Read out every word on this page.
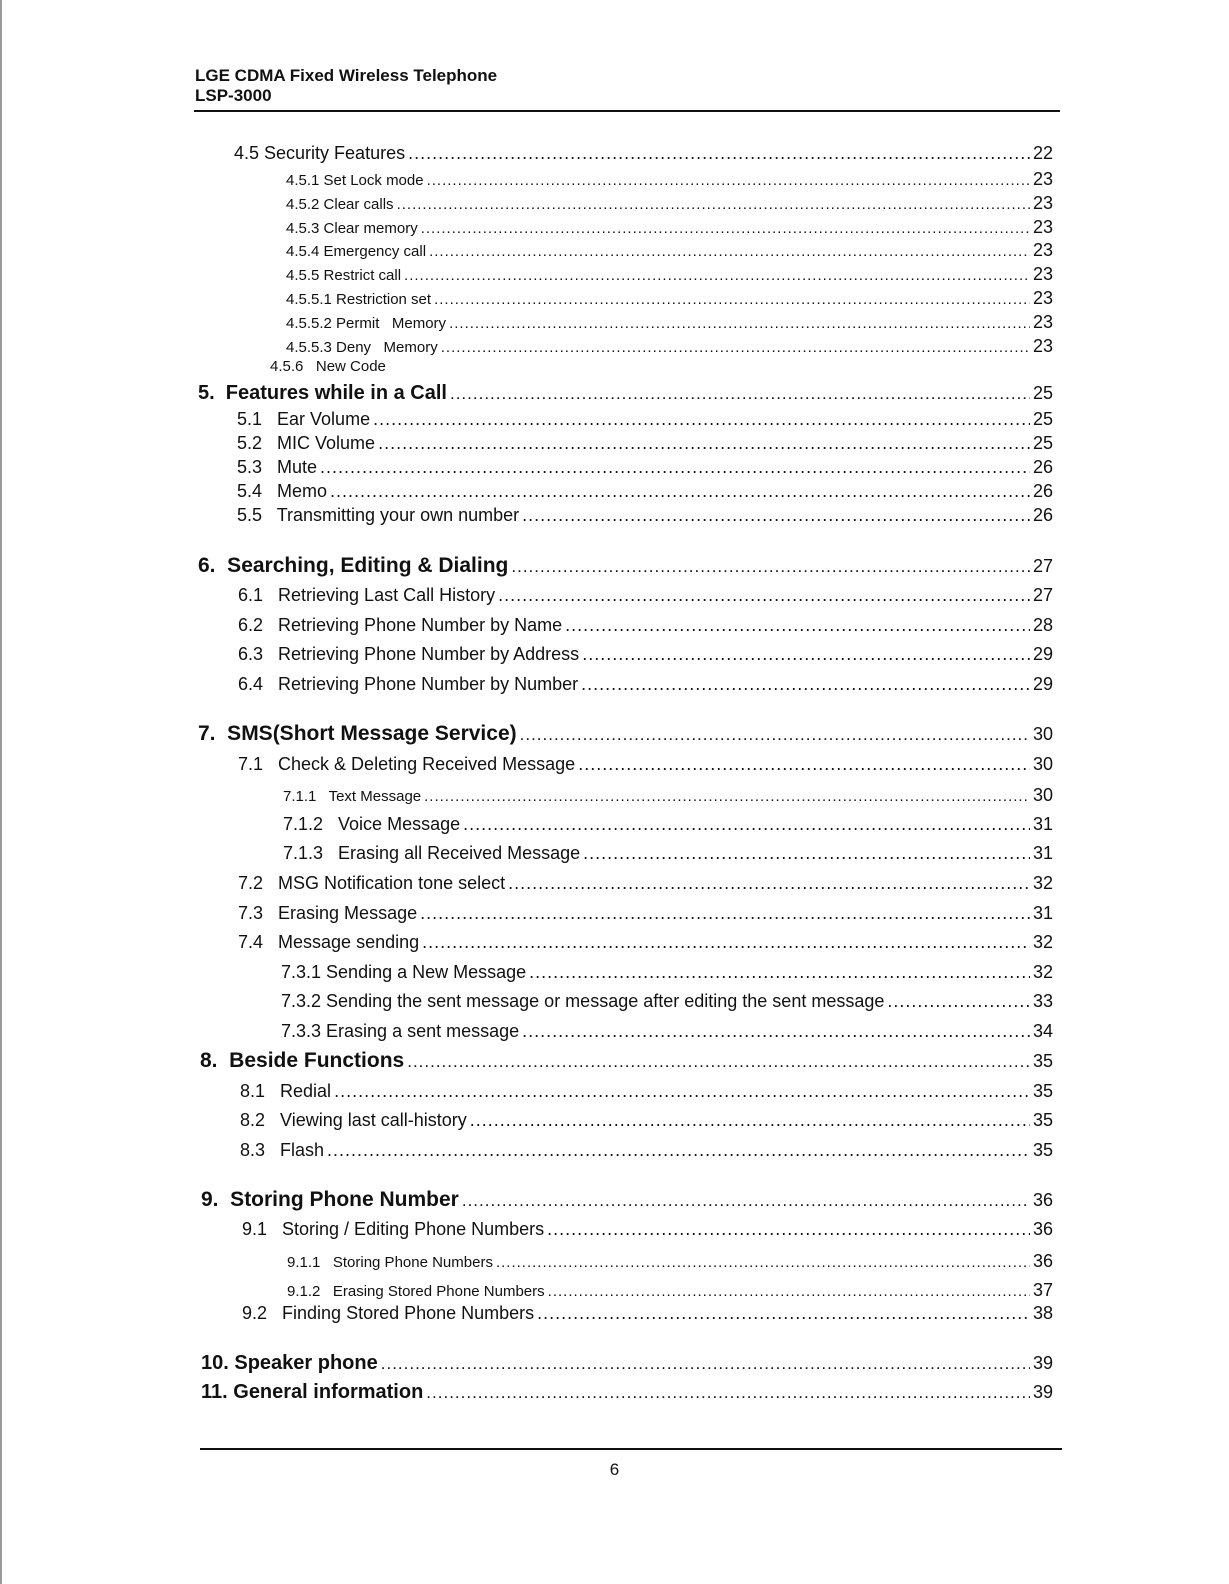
LGE CDMA Fixed Wireless Telephone
LSP-3000
4.5 Security Features .....	22
4.5.1 Set Lock mode .....	23
4.5.2 Clear calls .....	23
4.5.3 Clear memory .....	23
4.5.4 Emergency call .....	23
4.5.5 Restrict call .....	23
4.5.5.1 Restriction set .....	23
4.5.5.2 Permit   Memory .....	23
4.5.5.3 Deny   Memory .....	23
4.5.6   New Code
5.  Features while in a Call .....	25
5.1   Ear Volume .....	25
5.2   MIC Volume .....	25
5.3   Mute .....	26
5.4   Memo .....	26
5.5   Transmitting your own number .....	26
6.  Searching, Editing & Dialing .....	27
6.1   Retrieving Last Call History .....	27
6.2   Retrieving Phone Number by Name .....	28
6.3   Retrieving Phone Number by Address .....	29
6.4   Retrieving Phone Number by Number .....	29
7.  SMS(Short Message Service) .....	30
7.1   Check & Deleting Received Message .....	30
7.1.1   Text Message .....	30
7.1.2   Voice Message .....	31
7.1.3   Erasing all Received Message .....	31
7.2   MSG Notification tone select .....	32
7.3   Erasing Message .....	31
7.4   Message sending .....	32
7.3.1 Sending a New Message .....	32
7.3.2 Sending the sent message or message after editing the sent message .....	33
7.3.3 Erasing a sent message .....	34
8.  Beside Functions .....	35
8.1   Redial .....	35
8.2   Viewing last call-history .....	35
8.3   Flash .....	35
9.  Storing Phone Number .....	36
9.1   Storing / Editing Phone Numbers .....	36
9.1.1   Storing Phone Numbers .....	36
9.1.2   Erasing Stored Phone Numbers .....	37
9.2   Finding Stored Phone Numbers .....	38
10. Speaker phone .....	39
11. General information .....	39
6
